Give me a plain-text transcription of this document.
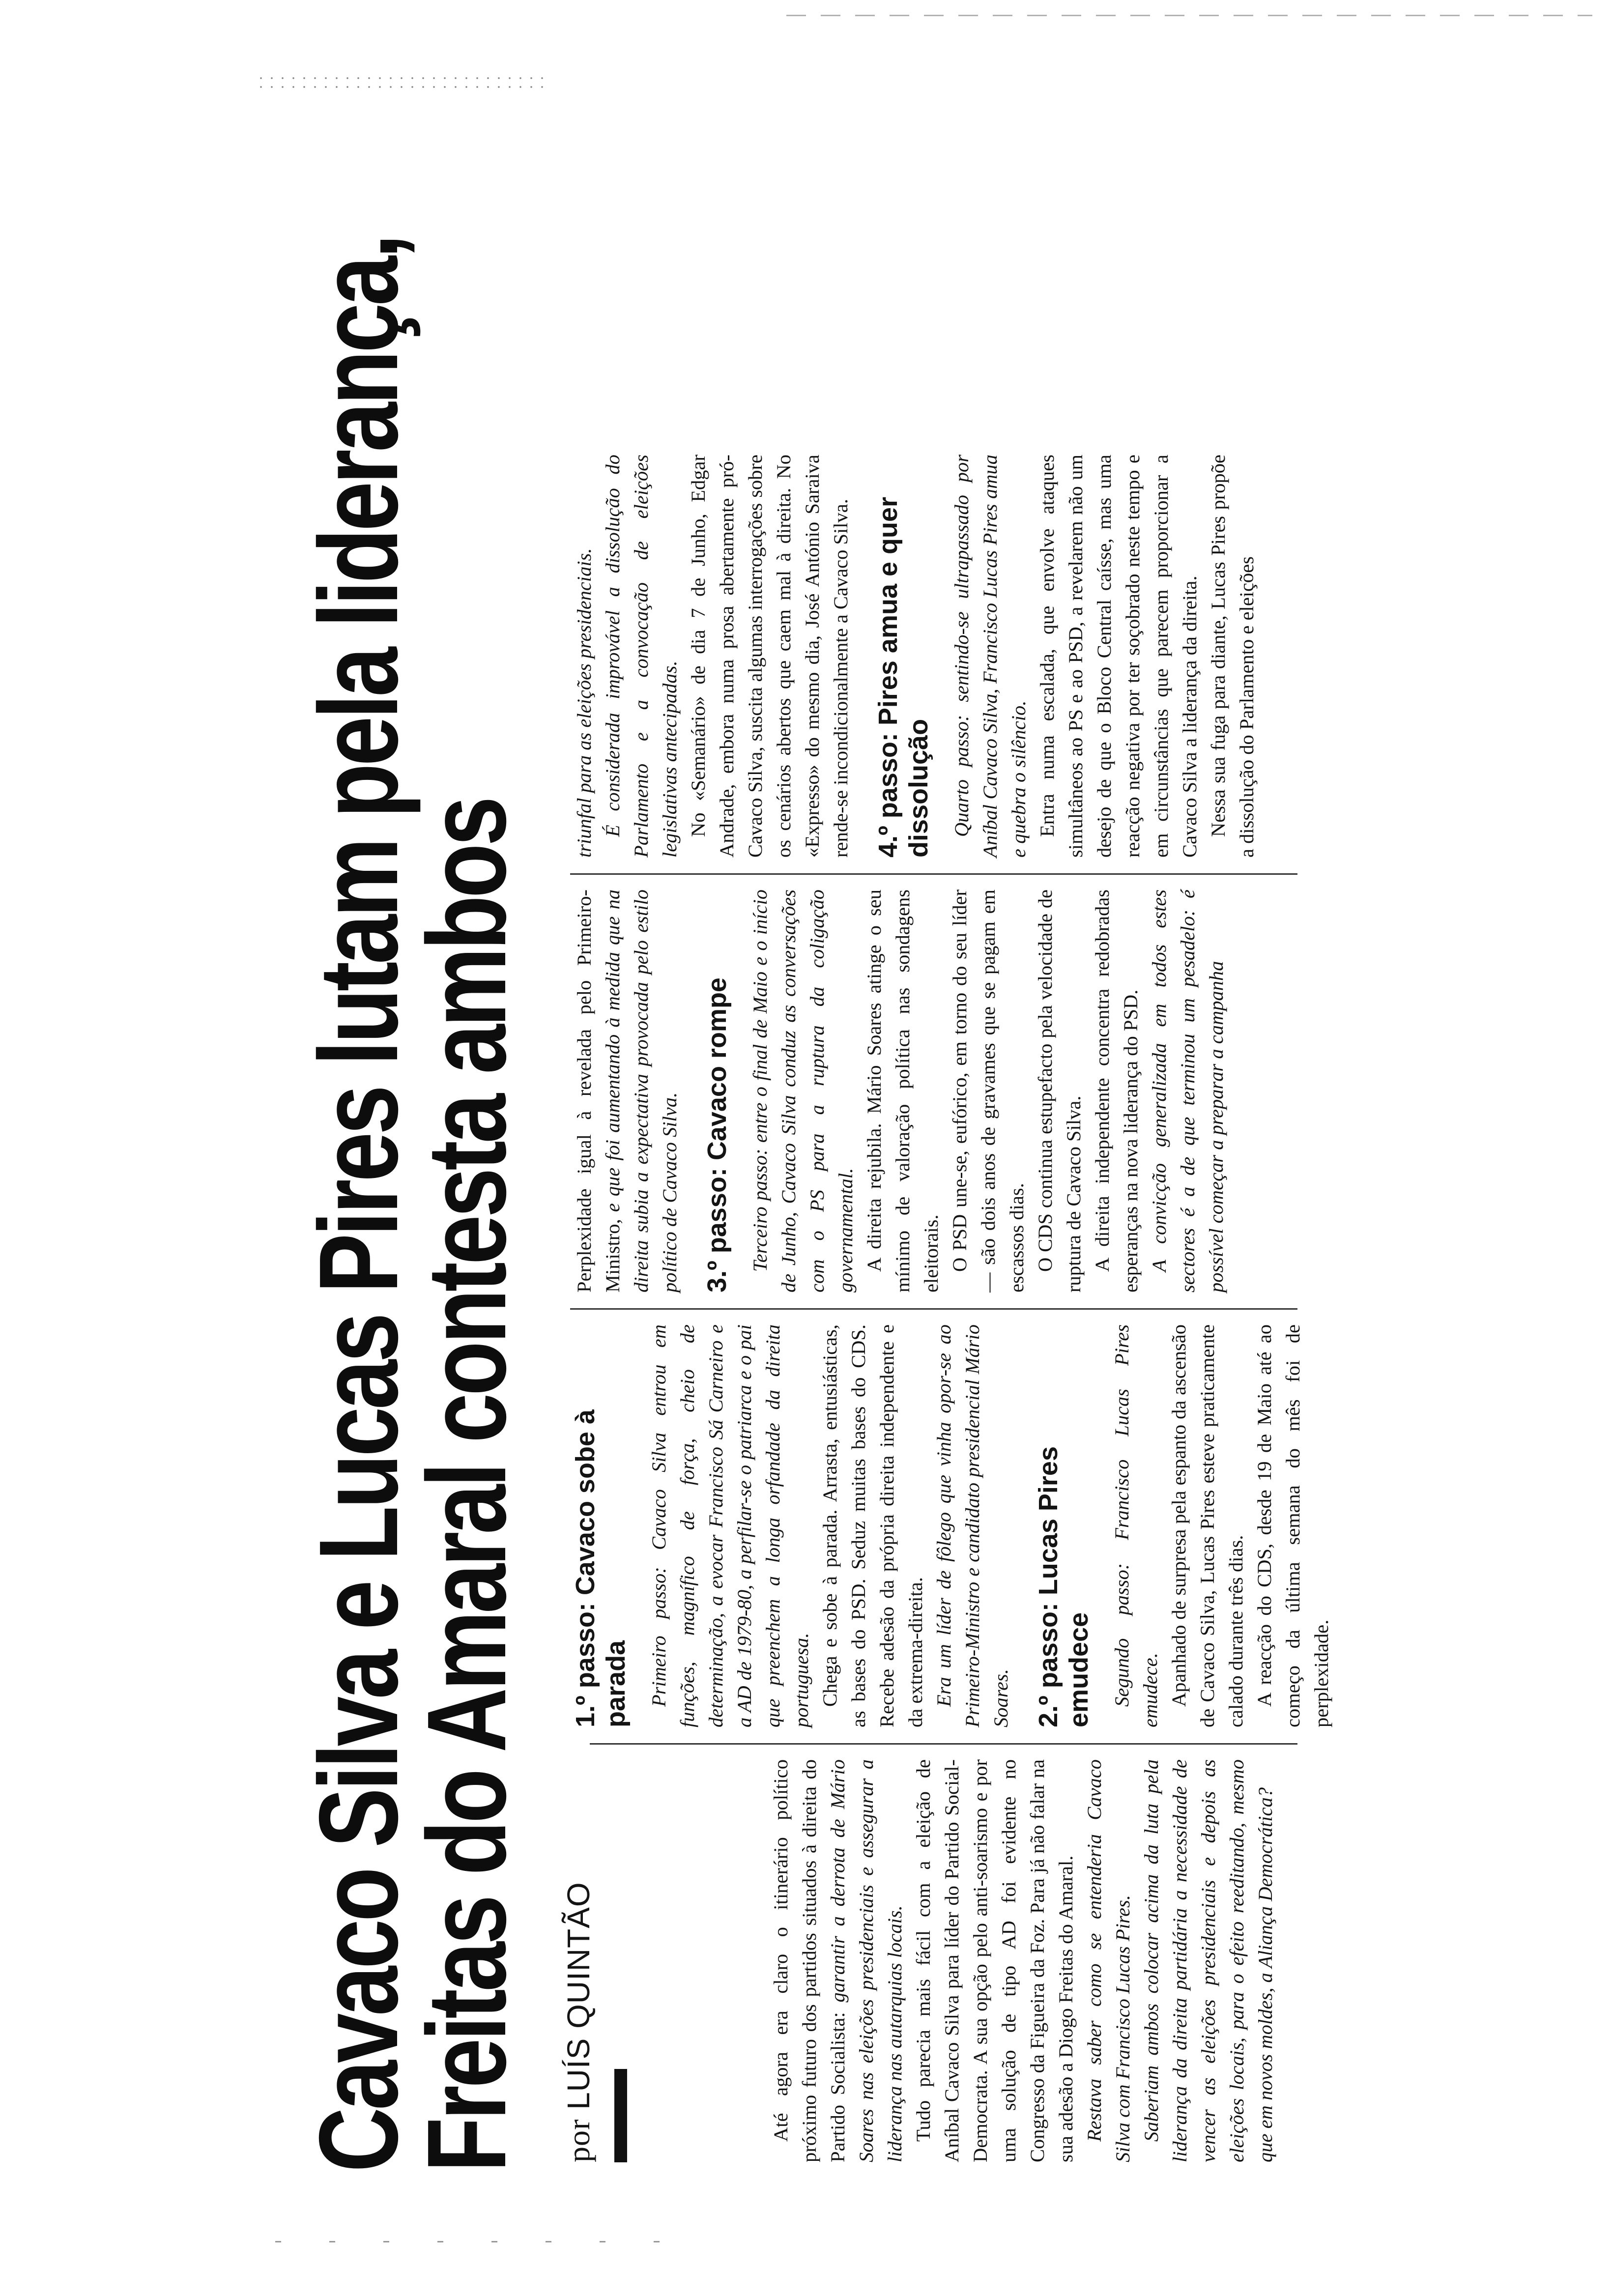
Cavaco Silva e Lucas Pires lutam pela liderança,
Freitas do Amaral contesta ambos por LUÍS QUINTÃO	Até agora era claro o itinerário político próximo futuro dos partidos situados à direita do Partido Socialista: garantir a derrota de Mário Soares nas eleições presidenciais e assegurar a liderança nas autarquias locais. Tudo parecia mais fácil com a eleição de Aníbal Cavaco Silva para líder do Partido Social-Democrata. A sua opção pelo anti-soarismo e por uma solução de tipo AD foi evidente no Congresso da Figueira da Foz. Para já não falar na sua adesão a Diogo Freitas do Amaral. Restava saber como se entenderia Cavaco Silva com Francisco Lucas Pires. Saberiam ambos colocar acima da luta pela liderança da direita partidária a necessidade de vencer as eleições presidenciais e depois as eleições locais, para o efeito reeditando, mesmo que em novos moldes, a Aliança Democrática?

1.º passo: Cavaco sobe à parada Primeiro passo: Cavaco Silva entrou em funções, magnífico de força, cheio de determinação, a evocar Francisco Sá Carneiro e a AD de 1979-80, a perfilar-se o patriarca e o pai que preenchem a longa orfandade da direita portuguesa. Chega e sobe à parada. Arrasta, entusiásticas, as bases do PSD. Seduz muitas bases do CDS. Recebe adesão da própria direita independente e da extrema-direita. Era um líder de fôlego que vinha opor-se ao Primeiro-Ministro e candidato presidencial Mário Soares. 2.º passo: Lucas Pires emudece Segundo passo: Francisco Lucas Pires emudece. Apanhado de surpresa pela espanto da ascensão de Cavaco Silva, Lucas Pires esteve praticamente calado durante três dias. A reacção do CDS, desde 19 de Maio até ao começo da última semana do mês foi de perplexidade.

Perplexidade igual à revelada pelo Primeiro-Ministro, e que foi aumentando à medida que na direita subia a expectativa provocada pelo estilo político de Cavaco Silva. 3.º passo: Cavaco rompe Terceiro passo: entre o final de Maio e o início de Junho, Cavaco Silva conduz as conversações com o PS para a ruptura da coligação governamental. A direita rejubila. Mário Soares atinge o seu mínimo de valoração política nas sondagens eleitorais. O PSD une-se, eufórico, em torno do seu líder — são dois anos de gravames que se pagam em escassos dias. O CDS continua estupefacto pela velocidade de ruptura de Cavaco Silva. A direita independente concentra redobradas esperanças na nova liderança do PSD. A convicção generalizada em todos estes sectores é a de que terminou um pesadelo: é possível começar a preparar a campanha

triunfal para as eleições presidenciais. É considerada improvável a dissolução do Parlamento e a convocação de eleições legislativas antecipadas. No «Semanário» de dia 7 de Junho, Edgar Andrade, embora numa prosa abertamente pró-Cavaco Silva, suscita algumas interrogações sobre os cenários abertos que caem mal à direita. No «Expresso» do mesmo dia, José António Saraiva rende-se incondicionalmente a Cavaco Silva. 4.º passo: Pires amua e quer dissolução Quarto passo: sentindo-se ultrapassado por Aníbal Cavaco Silva, Francisco Lucas Pires amua e quebra o silêncio. Entra numa escalada, que envolve ataques simultâneos ao PS e ao PSD, a revelarem não um desejo de que o Bloco Central caísse, mas uma reacção negativa por ter soçobrado neste tempo e em circunstâncias que parecem proporcionar a Cavaco Silva a liderança da direita. Nessa sua fuga para diante, Lucas Pires propõe a dissolução do Parlamento e eleições
